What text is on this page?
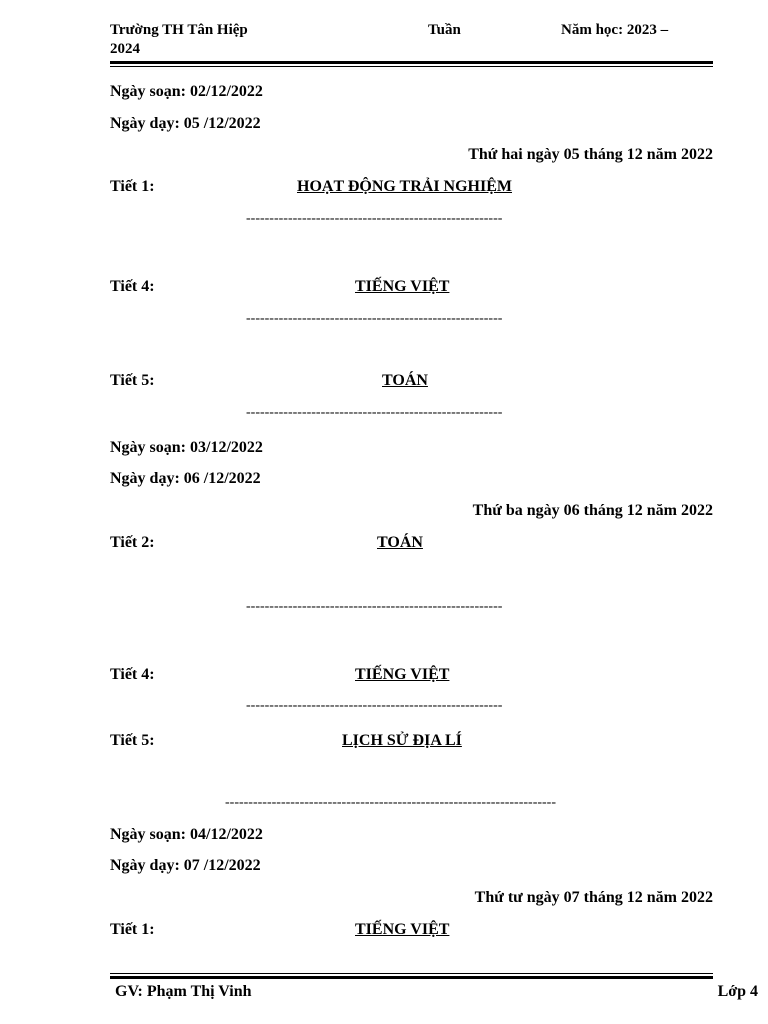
Trường TH Tân Hiệp	Tuần	Năm học: 2023 –
2024
Ngày soạn: 02/12/2022
Ngày dạy: 05 /12/2022
Thứ hai ngày 05 tháng 12 năm 2022
Tiết 1:	HOẠT ĐỘNG TRẢI NGHIỆM
-------------------------------------------------------
Tiết 4:	TIẾNG VIỆT
-------------------------------------------------------
Tiết 5:	TOÁN
-------------------------------------------------------
Ngày soạn: 03/12/2022
Ngày dạy: 06 /12/2022
Thứ ba ngày 06 tháng 12 năm 2022
Tiết 2:	TOÁN
-------------------------------------------------------
Tiết 4:	TIẾNG VIỆT
-------------------------------------------------------
Tiết 5:	LỊCH SỬ ĐỊA LÍ
-----------------------------------------------------------------------
Ngày soạn: 04/12/2022
Ngày dạy: 07 /12/2022
Thứ tư ngày 07 tháng 12 năm 2022
Tiết 1:	TIẾNG VIỆT
GV: Phạm Thị Vinh	Lớp 4
